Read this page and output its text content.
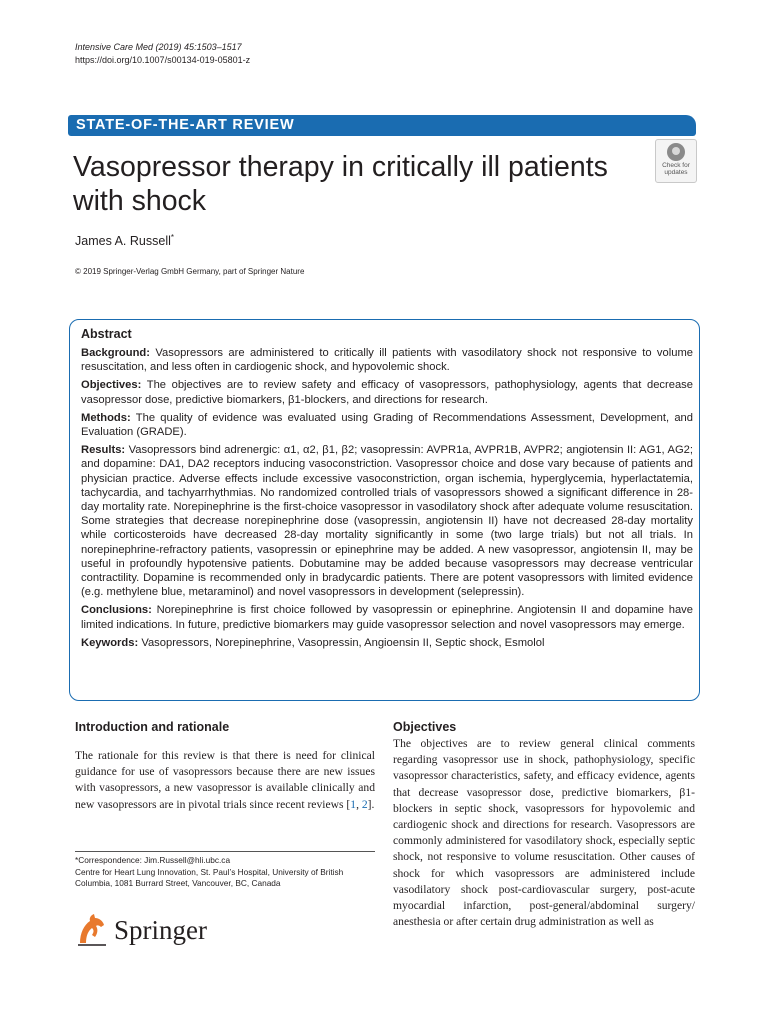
Intensive Care Med (2019) 45:1503–1517
https://doi.org/10.1007/s00134-019-05801-z
STATE-OF-THE-ART REVIEW
Vasopressor therapy in critically ill patients
with shock
Check for
updates
James A. Russell*
© 2019 Springer-Verlag GmbH Germany, part of Springer Nature
Abstract

Background: Vasopressors are administered to critically ill patients with vasodilatory shock not responsive to volume resuscitation, and less often in cardiogenic shock, and hypovolemic shock.

Objectives: The objectives are to review safety and efficacy of vasopressors, pathophysiology, agents that decrease vasopressor dose, predictive biomarkers, β1-blockers, and directions for research.

Methods: The quality of evidence was evaluated using Grading of Recommendations Assessment, Development, and Evaluation (GRADE).

Results: Vasopressors bind adrenergic: α1, α2, β1, β2; vasopressin: AVPR1a, AVPR1B, AVPR2; angiotensin II: AG1, AG2; and dopamine: DA1, DA2 receptors inducing vasoconstriction. Vasopressor choice and dose vary because of patients and physician practice. Adverse effects include excessive vasoconstriction, organ ischemia, hyperglycemia, hyperlactatemia, tachycardia, and tachyarrhythmias. No randomized controlled trials of vasopressors showed a significant difference in 28-day mortality rate. Norepinephrine is the first-choice vasopressor in vasodilatory shock after adequate volume resuscitation. Some strategies that decrease norepinephrine dose (vasopressin, angiotensin II) have not decreased 28-day mortality while corticosteroids have decreased 28-day mortality significantly in some (two large trials) but not all trials. In norepinephrine-refractory patients, vasopressin or epinephrine may be added. A new vasopressor, angiotensin II, may be useful in profoundly hypotensive patients. Dobutamine may be added because vasopressors may decrease ventricular contractility. Dopamine is recommended only in bradycardic patients. There are potent vasopressors with limited evidence (e.g. methylene blue, metaraminol) and novel vasopressors in development (selepressin).

Conclusions: Norepinephrine is first choice followed by vasopressin or epinephrine. Angiotensin II and dopamine have limited indications. In future, predictive biomarkers may guide vasopressor selection and novel vasopressors may emerge.

Keywords: Vasopressors, Norepinephrine, Vasopressin, Angioensin II, Septic shock, Esmolol

Introduction and rationale
The rationale for this review is that there is need for clinical guidance for use of vasopressors because there are new issues with vasopressors, a new vasopressor is available clinically and new vasopressors are in pivotal trials since recent reviews [1, 2].
*Correspondence: Jim.Russell@hli.ubc.ca
Centre for Heart Lung Innovation, St. Paul’s Hospital, University of British Columbia, 1081 Burrard Street, Vancouver, BC, Canada
Springer
Objectives
The objectives are to review general clinical comments regarding vasopressor use in shock, pathophysiology, specific vasopressor characteristics, safety, and efficacy evidence, agents that decrease vasopressor dose, predictive biomarkers, β1-blockers in septic shock, vasopressors for hypovolemic and cardiogenic shock and directions for research. Vasopressors are commonly administered for vasodilatory shock, especially septic shock, not responsive to volume resuscitation. Other causes of shock for which vasopressors are administered include vasodilatory shock post-cardiovascular surgery, post-acute myocardial infarction, post-general/abdominal surgery/ anesthesia or after certain drug administration as well as
